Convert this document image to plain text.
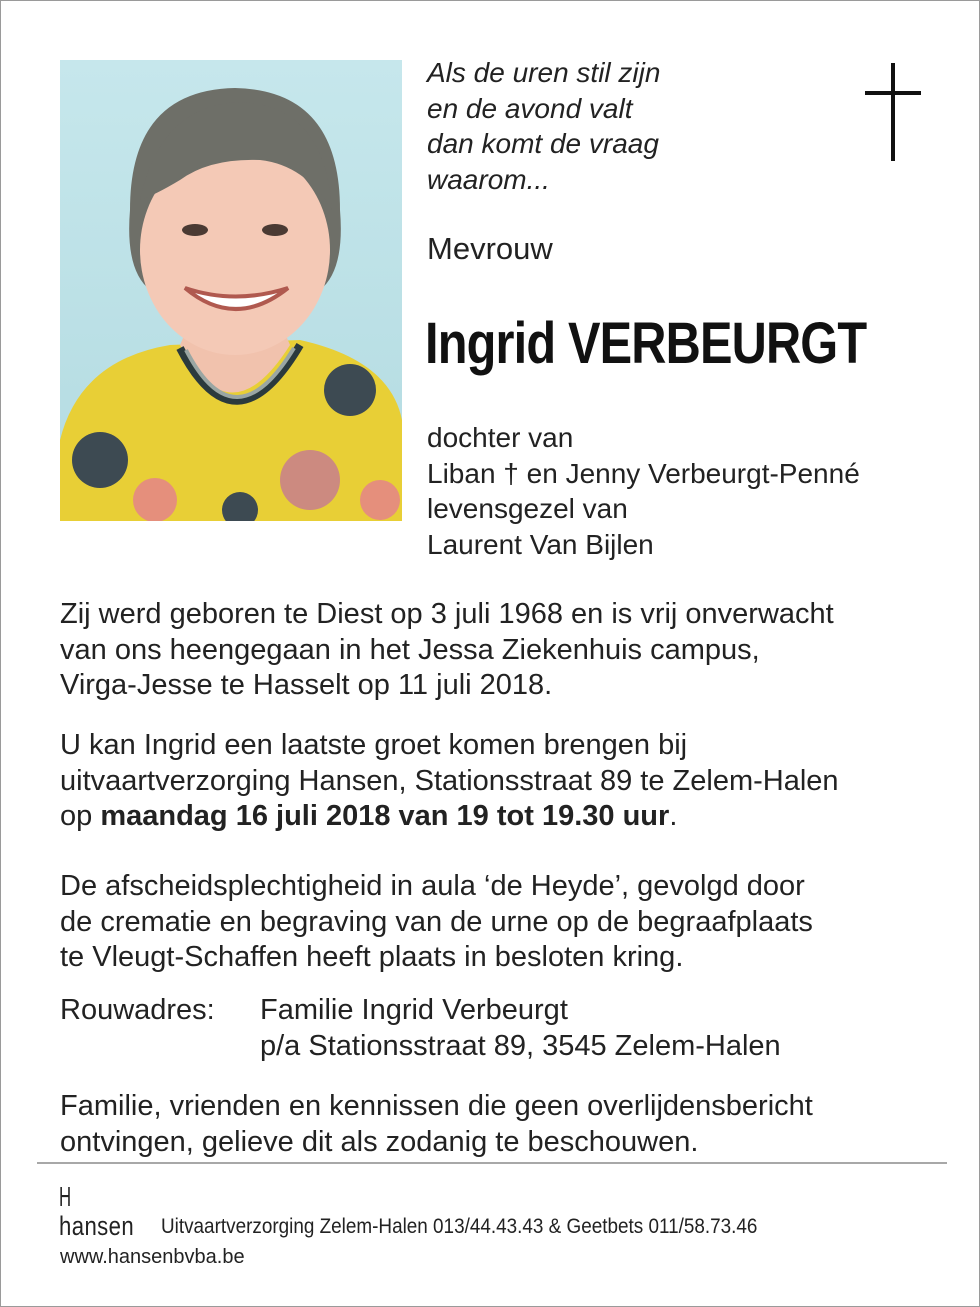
Als de uren stil zijn
en de avond valt
dan komt de vraag
waarom...
Mevrouw
Ingrid VERBEURGT
dochter van
Liban † en Jenny Verbeurgt-Penné
levensgezel van
Laurent Van Bijlen
Zij werd geboren te Diest op 3 juli 1968 en is vrij onverwacht
van ons heengegaan in het Jessa Ziekenhuis campus,
Virga-Jesse te Hasselt op 11 juli 2018.
U kan Ingrid een laatste groet komen brengen bij
uitvaartverzorging Hansen, Stationsstraat 89 te Zelem-Halen
op maandag 16 juli 2018 van 19 tot 19.30 uur.
De afscheidsplechtigheid in aula ‘de Heyde’, gevolgd door
de crematie en begraving van de urne op de begraafplaats
te Vleugt-Schaffen heeft plaats in besloten kring.
Rouwadres: Familie Ingrid Verbeurgt
p/a Stationsstraat 89, 3545 Zelem-Halen
Familie, vrienden en kennissen die geen overlijdensbericht
ontvingen, gelieve dit als zodanig te beschouwen.
H
hansen Uitvaartverzorging Zelem-Halen 013/44.43.43 & Geetbets 011/58.73.46
www.hansenbvba.be
